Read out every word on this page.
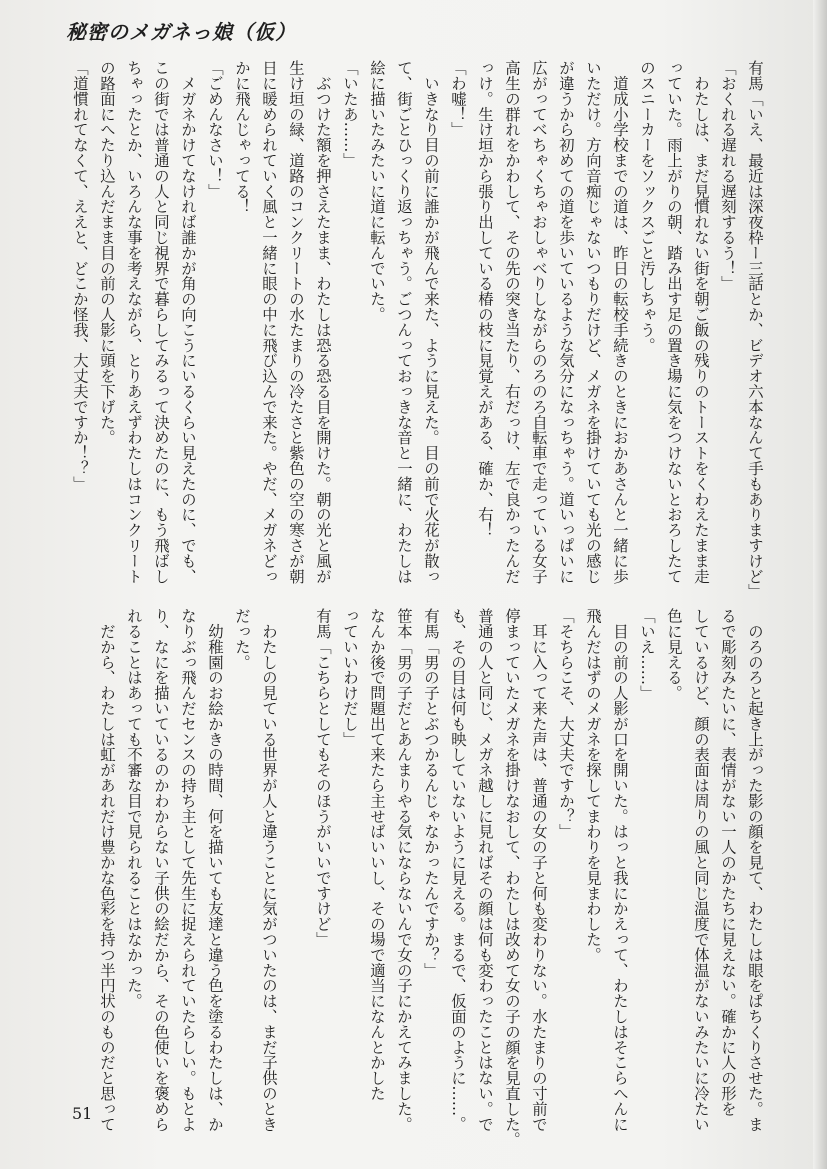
秘密のメガネっ娘（仮）
有馬「いえ、最近は深夜枠ー三話とか、ビデオ六本なんて手もありますけど」
「おくれる遅れる遅刻するう！」
　わたしは、まだ見慣れない街を朝ご飯の残りのトーストをくわえたまま走
っていた。雨上がりの朝、踏み出す足の置き場に気をつけないとおろしたて
のスニーカーをソックスごと汚しちゃう。
　道成小学校までの道は、昨日の転校手続きのときにおかあさんと一緒に歩
いただけ。方向音痴じゃないつもりだけど、メガネを掛けていても光の感じ
が違うから初めての道を歩いているような気分になっちゃう。道いっぱいに
広がってべちゃくちゃおしゃべりしながらのろのろ自転車で走っている女子
高生の群れをかわして、その先の突き当たり、右だっけ、左で良かったんだ
っけ。生け垣から張り出している椿の枝に見覚えがある、確か、右！
「わ嘘！」
　いきなり目の前に誰かが飛んで来た、ように見えた。目の前で火花が散っ
て、街ごとひっくり返っちゃう。ごつんっておっきな音と一緒に、わたしは
絵に描いたみたいに道に転んでいた。
「いたあ……」
　ぶつけた額を押さえたまま、わたしは恐る恐る目を開けた。朝の光と風が
生け垣の緑、道路のコンクリートの水たまりの冷たさと紫色の空の寒さが朝
日に暖められていく風と一緒に眼の中に飛び込んで来た。やだ、メガネどっ
かに飛んじゃってる！
「ごめんなさい！」
　メガネかけてなければ誰かが角の向こうにいるくらい見えたのに、でも、
この街では普通の人と同じ視界で暮らしてみるって決めたのに、もう飛ばし
ちゃったとか、いろんな事を考えながら、とりあえずわたしはコンクリート
の路面にへたり込んだまま目の前の人影に頭を下げた。
「道慣れてなくて、ええと、どこか怪我、大丈夫ですか！？」
　のろのろと起き上がった影の顔を見て、わたしは眼をぱちくりさせた。ま
るで彫刻みたいに、表情がない一人のかたちに見えない。確かに人の形を
しているけど、顔の表面は周りの風と同じ温度で体温がないみたいに冷たい
色に見える。
「いえ……」
　目の前の人影が口を開いた。はっと我にかえって、わたしはそこらへんに
飛んだはずのメガネを探してまわりを見まわした。
「そちらこそ、大丈夫ですか？」
　耳に入って来た声は、普通の女の子と何も変わりない。水たまりの寸前で
停まっていたメガネを掛けなおして、わたしは改めて女の子の顔を見直した。
普通の人と同じ、メガネ越しに見ればその顔は何も変わったことはない。で
も、その目は何も映していないように見える。まるで、仮面のように……。
有馬「男の子とぶつかるんじゃなかったんですか？」
笹本「男の子だとあんまりやる気にならないんで女の子にかえてみました。
なんか後で問題出て来たら主せばいいし、その場で適当になんとかした
っていいわけだし」
有馬「こちらとしてもそのほうがいいですけど」
　わたしの見ている世界が人と違うことに気がついたのは、まだ子供のとき
だった。
　幼稚園のお絵かきの時間、何を描いても友達と違う色を塗るわたしは、か
なりぶっ飛んだセンスの持ち主として先生に捉えられていたらしい。もとよ
り、なにを描いているのかわからない子供の絵だから、その色使いを褒めら
れることはあっても不審な目で見られることはなかった。
　だから、わたしは虹があれだけ豊かな色彩を持つ半円状のものだと思って
51
